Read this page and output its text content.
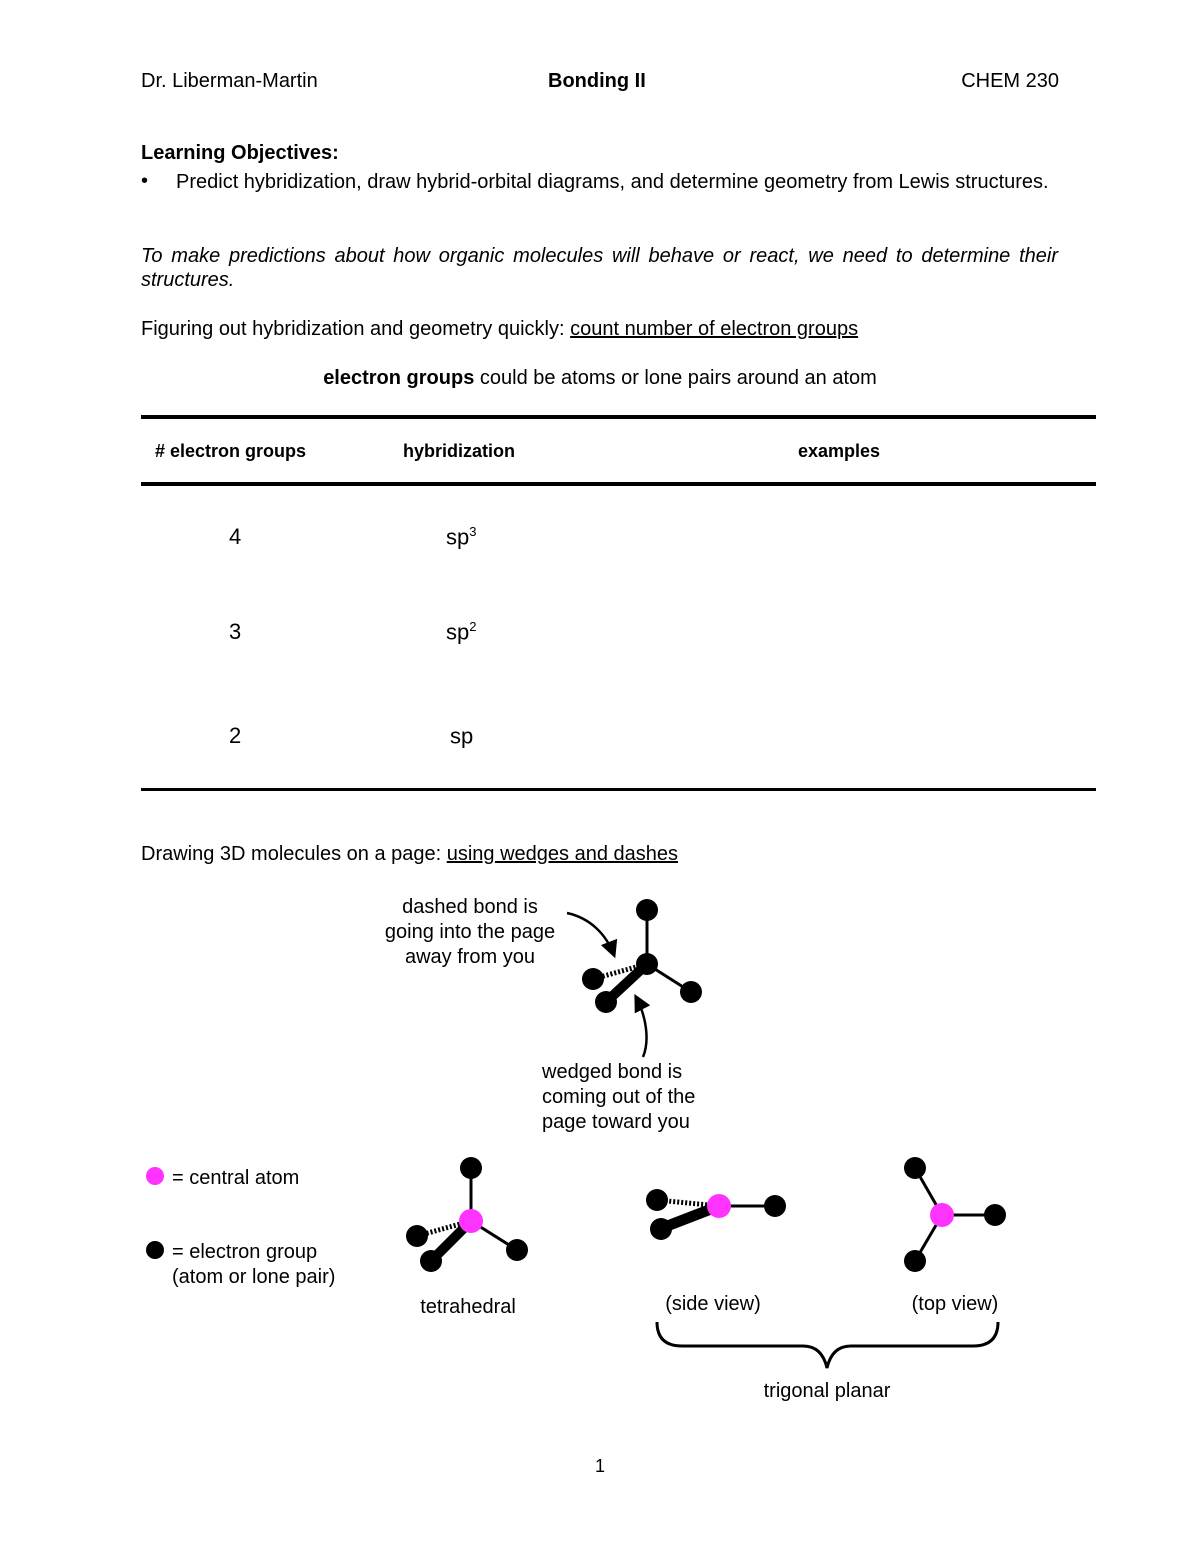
Dr. Liberman-Martin	Bonding II	CHEM 230
Learning Objectives:
• Predict hybridization, draw hybrid-orbital diagrams, and determine geometry from Lewis structures.
To make predictions about how organic molecules will behave or react, we need to determine their structures.
Figuring out hybridization and geometry quickly: count number of electron groups
electron groups could be atoms or lone pairs around an atom
# electron groups	hybridization	examples
4	$sp^3$
3	$sp^2$
2	sp
Drawing 3D molecules on a page: using wedges and dashes
dashed bond is
going into the page
away from you
wedged bond is
coming out of the
page toward you
= central atom
= electron group
(atom or lone pair)
tetrahedral	(side view)	(top view)
trigonal planar
1
